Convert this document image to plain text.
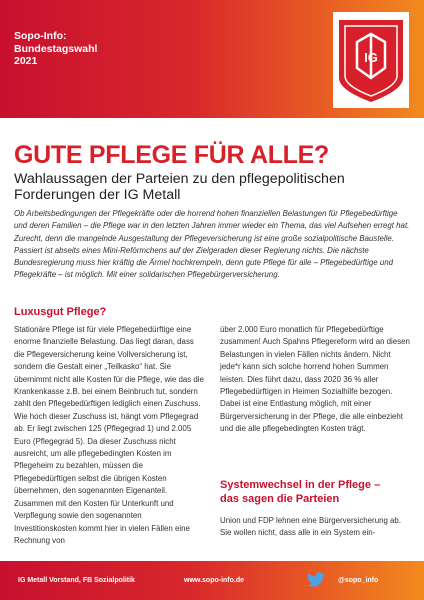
Sopo-Info:
Bundestagswahl
2021	IG
GUTE PFLEGE FÜR ALLE?
Wahlaussagen der Parteien zu den pflegepolitischen Forderungen der IG Metall
Ob Arbeitsbedingungen der Pflegekräfte oder die horrend hohen finanziellen Belastungen für Pflegebedürftige und deren Familien – die Pflege war in den letzten Jahren immer wieder ein Thema, das viel Aufsehen erregt hat. Zurecht, denn die mangelnde Ausgestaltung der Pflegeversicherung ist eine große sozialpolitische Baustelle. Passiert ist abseits eines Mini-Reförmchens auf der Zielgeraden dieser Regierung nichts. Die nächste Bundesregierung muss hier kräftig die Ärmel hochkrempeln, denn gute Pflege für alle – Pflegebedürftige und Pflegekräfte – ist möglich. Mit einer solidarischen Pflegebürgerversicherung.
Luxusgut Pflege?
Stationäre Pflege ist für viele Pflegebedürftige eine enorme finanzielle Belastung. Das liegt daran, dass die Pflegeversicherung keine Vollversicherung ist, sondern die Gestalt einer „Teilkasko“ hat. Sie übernimmt nicht alle Kosten für die Pflege, wie das die Krankenkasse z.B. bei einem Beinbruch tut, sondern zahlt den Pflegebedürftigen lediglich einen Zuschuss. Wie hoch dieser Zuschuss ist, hängt vom Pflegegrad ab. Er liegt zwischen 125 (Pflegegrad 1) und 2.005 Euro (Pflegegrad 5). Da dieser Zuschuss nicht ausreicht, um alle pflegebedingten Kosten im Pflegeheim zu bezahlen, müssen die Pflegebedürftigen selbst die übrigen Kosten übernehmen, den sogenannten Eigenanteil. Zusammen mit den Kosten für Unterkunft und Verpflegung sowie den sogenannten Investitionskosten kommt hier in vielen Fällen eine Rechnung von
über 2.000 Euro monatlich für Pflegebedürftige zusammen! Auch Spahns Pflegereform wird an diesen Belastungen in vielen Fällen nichts ändern. Nicht jede*r kann sich solche horrend hohen Summen leisten. Dies führt dazu, dass 2020 36 % aller Pflegebedürftigen in Heimen Sozialhilfe bezogen. Dabei ist eine Entlastung möglich, mit einer Bürgerversicherung in der Pflege, die alle einbezieht und die alle pflegebedingten Kosten trägt.
Systemwechsel in der Pflege –
das sagen die Parteien
Union und FDP lehnen eine Bürgerversicherung ab. Sie wollen nicht, dass alle in ein System ein-
IG Metall Vorstand, FB Sozialpolitik	www.sopo-info.de	@sopo_info
